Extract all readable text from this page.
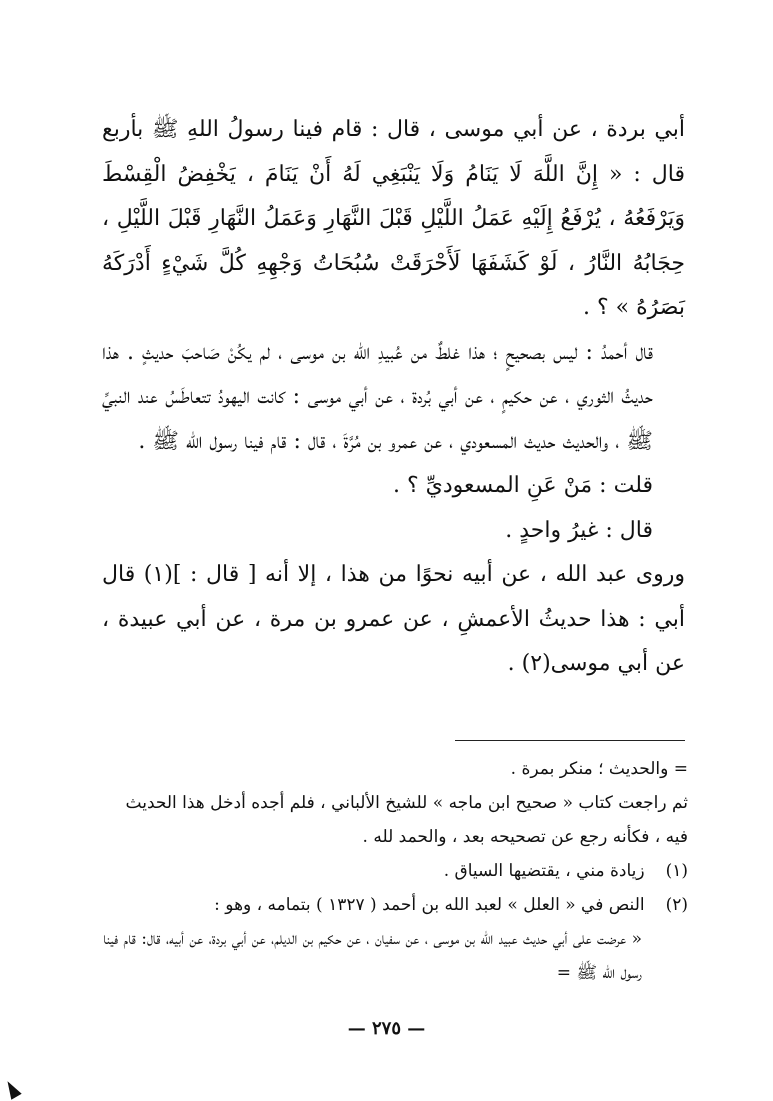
أبي بردة ، عن أبي موسى ، قال : قام فينا رسولُ اللهِ ﷺ بأربع قال : « إِنَّ اللَّهَ لَا يَنَامُ وَلَا يَنْبَغِي لَهُ أَنْ يَنَامَ ، يَخْفِضُ الْقِسْطَ وَيَرْفَعُهُ ، يُرْفَعُ إِلَيْهِ عَمَلُ اللَّيْلِ قَبْلَ النَّهَارِ وَعَمَلُ النَّهَارِ قَبْلَ اللَّيْلِ ، حِجَابُهُ النَّارُ ، لَوْ كَشَفَهَا لَأَحْرَقَتْ سُبُحَاتُ وَجْهِهِ كُلَّ شَيْءٍ أَدْرَكَهُ بَصَرُهُ » ؟ .

قال أحمدُ : ليس بصحيحٍ ؛ هذا غلطٌ من عُبيدِ الله بن موسى ، لم يكُنْ صَاحبَ حديثٍ . هذا حديثُ الثوري ، عن حكيمٍ ، عن أبي بُردة ، عن أبي موسى : كانت اليهودُ تتعاطَسُ عند النبيِّ ﷺ ، والحديث حديث المسعودي ، عن عمرو بن مُرَّةَ ، قال : قام فينا رسول الله ﷺ .

قلت : مَنْ عَنِ المسعوديِّ ؟ .

قال : غيرُ واحدٍ .

وروى عبد الله ، عن أبيه نحوًا من هذا ، إلا أنه [ قال : ](١) قال أبي : هذا حديثُ الأعمشِ ، عن عمرو بن مرة ، عن أبي عبيدة ، عن أبي موسى(٢) .

= والحديث ؛ منكر بمرة .

ثم راجعت كتاب « صحيح ابن ماجه » للشيخ الألباني ، فلم أجده أدخل هذا الحديث فيه ، فكأنه رجع عن تصحيحه بعد ، والحمد لله .

(١) زيادة مني ، يقتضيها السياق .

(٢) النص في « العلل » لعبد الله بن أحمد ( ١٣٢٧ ) بتمامه ، وهو :

« عرضت على أبي حديث عبيد الله بن موسى ، عن سفيان ، عن حكيم بن الديلم، عن أبي بردة، عن أبيه، قال: قام فينا رسول الله ﷺ =

— ٢٧٥ —
